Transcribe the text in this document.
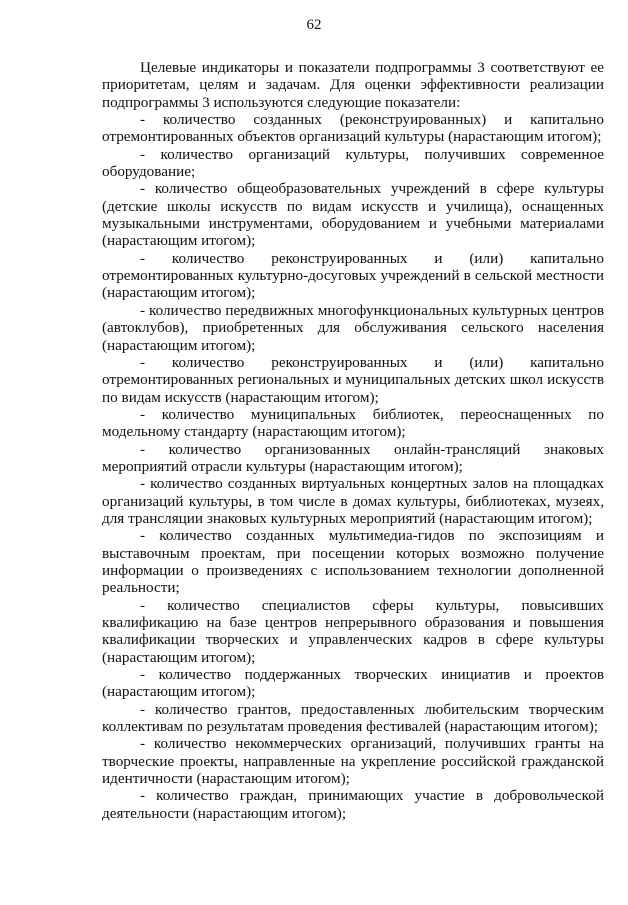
62

Целевые индикаторы и показатели подпрограммы 3 соответствуют ее приоритетам, целям и задачам. Для оценки эффективности реализации подпрограммы 3 используются следующие показатели:

- количество созданных (реконструированных) и капитально отремонтированных объектов организаций культуры (нарастающим итогом);

- количество организаций культуры, получивших современное оборудование;

- количество общеобразовательных учреждений в сфере культуры (детские школы искусств по видам искусств и училища), оснащенных музыкальными инструментами, оборудованием и учебными материалами (нарастающим итогом);

- количество реконструированных и (или) капитально отремонтированных культурно-досуговых учреждений в сельской местности (нарастающим итогом);

- количество передвижных многофункциональных культурных центров (автоклубов), приобретенных для обслуживания сельского населения (нарастающим итогом);

- количество реконструированных и (или) капитально отремонтированных региональных и муниципальных детских школ искусств по видам искусств (нарастающим итогом);

- количество муниципальных библиотек, переоснащенных по модельному стандарту (нарастающим итогом);

- количество организованных онлайн-трансляций знаковых мероприятий отрасли культуры (нарастающим итогом);

- количество созданных виртуальных концертных залов на площадках организаций культуры, в том числе в домах культуры, библиотеках, музеях, для трансляции знаковых культурных мероприятий (нарастающим итогом);

- количество созданных мультимедиа-гидов по экспозициям и выставочным проектам, при посещении которых возможно получение информации о произведениях с использованием технологии дополненной реальности;

- количество специалистов сферы культуры, повысивших квалификацию на базе центров непрерывного образования и повышения квалификации творческих и управленческих кадров в сфере культуры (нарастающим итогом);

- количество поддержанных творческих инициатив и проектов (нарастающим итогом);

- количество грантов, предоставленных любительским творческим коллективам по результатам проведения фестивалей (нарастающим итогом);

- количество некоммерческих организаций, получивших гранты на творческие проекты, направленные на укрепление российской гражданской идентичности (нарастающим итогом);

- количество граждан, принимающих участие в добровольческой деятельности (нарастающим итогом);
